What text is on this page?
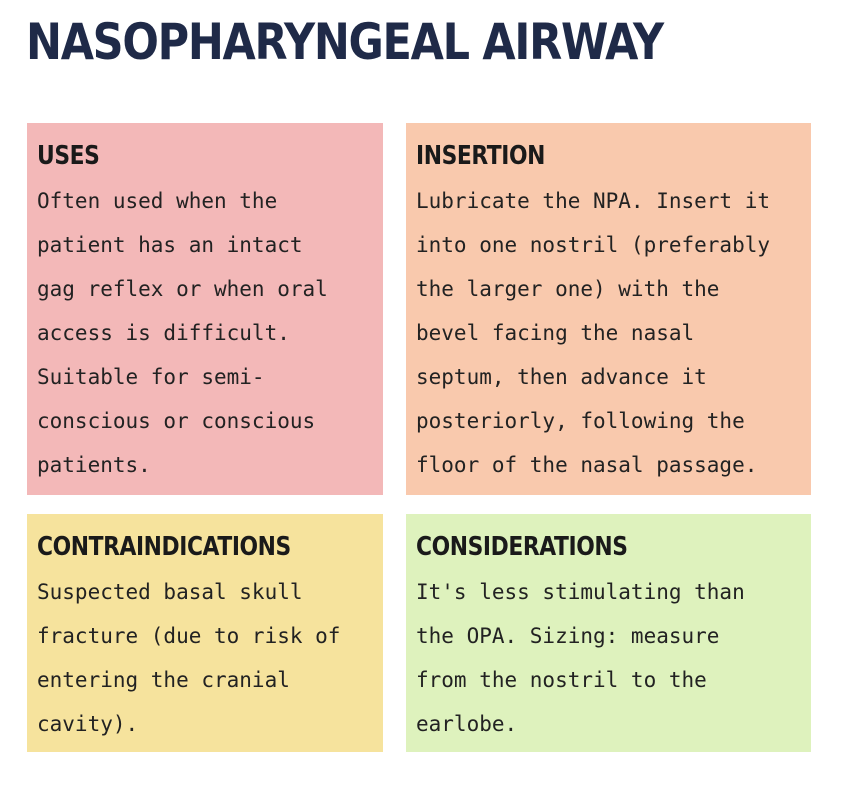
NASOPHARYNGEAL AIRWAY
USES

Often used when the
patient has an intact
gag reflex or when oral
access is difficult.
Suitable for semi-
conscious or conscious
patients.

INSERTION

Lubricate the NPA. Insert it
into one nostril (preferably
the larger one) with the
bevel facing the nasal
septum, then advance it
posteriorly, following the
floor of the nasal passage.

CONTRAINDICATIONS

Suspected basal skull
fracture (due to risk of
entering the cranial
cavity).

CONSIDERATIONS

It's less stimulating than
the OPA. Sizing: measure
from the nostril to the
earlobe.
